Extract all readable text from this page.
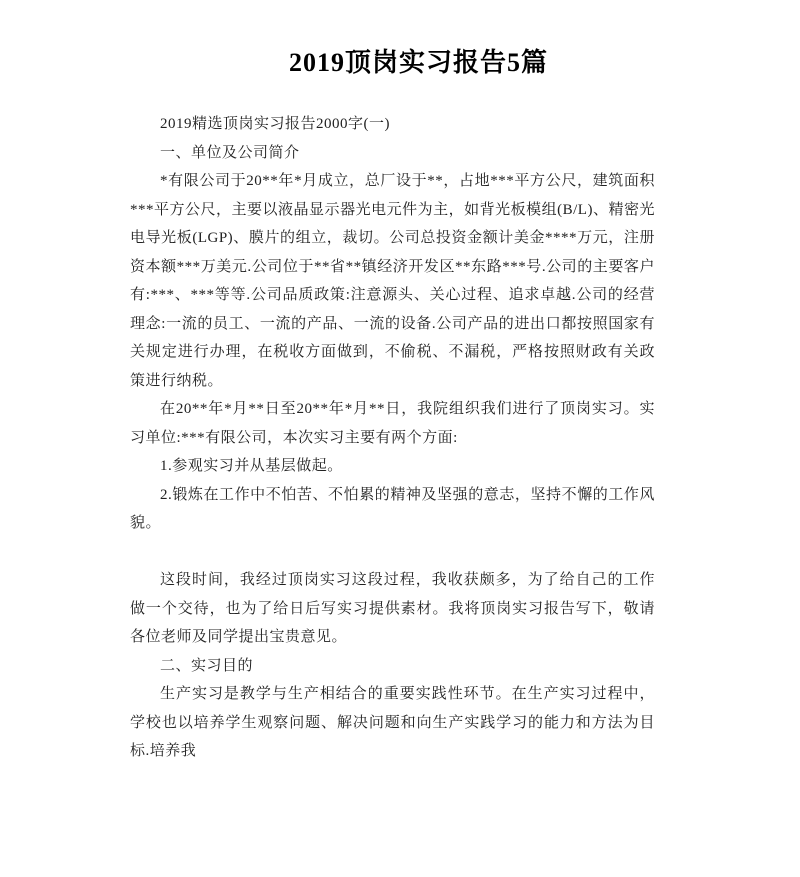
2019顶岗实习报告5篇

2019精选顶岗实习报告2000字(一)

一、单位及公司简介

*有限公司于20**年*月成立，总厂设于**，占地***平方公尺，建筑面积***平方公尺，主要以液晶显示器光电元件为主，如背光板模组(B/L)、精密光电导光板(LGP)、膜片的组立，裁切。公司总投资金额计美金****万元，注册资本额***万美元.公司位于**省**镇经济开发区**东路***号.公司的主要客户有:***、***等等.公司品质政策:注意源头、关心过程、追求卓越.公司的经营理念:一流的员工、一流的产品、一流的设备.公司产品的进出口都按照国家有关规定进行办理，在税收方面做到，不偷税、不漏税，严格按照财政有关政策进行纳税。

在20**年*月**日至20**年*月**日，我院组织我们进行了顶岗实习。实习单位:***有限公司，本次实习主要有两个方面:

1.参观实习并从基层做起。

2.锻炼在工作中不怕苦、不怕累的精神及坚强的意志，坚持不懈的工作风貌。

这段时间，我经过顶岗实习这段过程，我收获颇多，为了给自己的工作做一个交待，也为了给日后写实习提供素材。我将顶岗实习报告写下，敬请各位老师及同学提出宝贵意见。

二、实习目的

生产实习是教学与生产相结合的重要实践性环节。在生产实习过程中，学校也以培养学生观察问题、解决问题和向生产实践学习的能力和方法为目标.培养我
